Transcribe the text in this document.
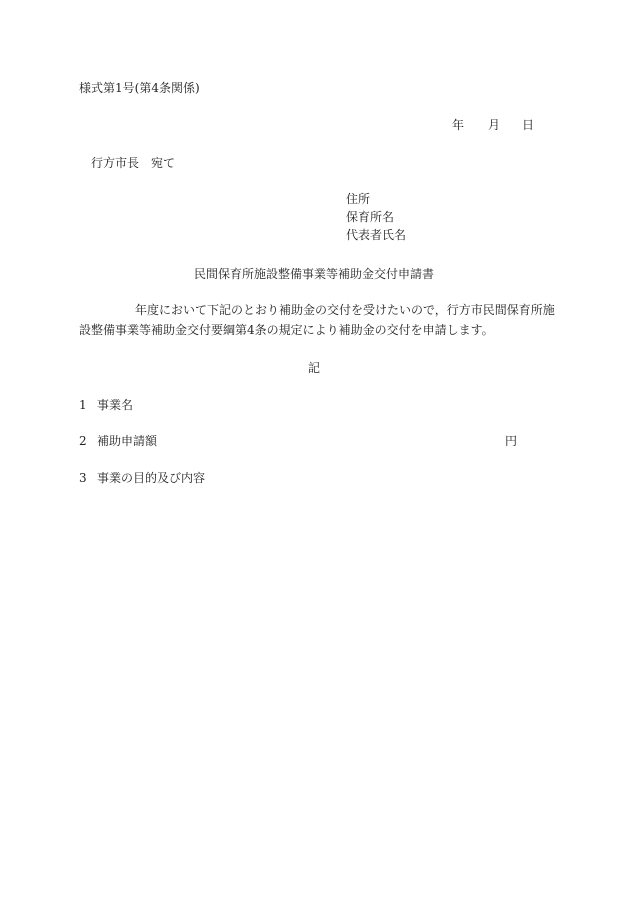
様式第1号(第4条関係)
年 月 日
行方市長　宛て
住所
保育所名
代表者氏名
民間保育所施設整備事業等補助金交付申請書
年度において下記のとおり補助金の交付を受けたいので，行方市民間保育所施
設整備事業等補助金交付要綱第4条の規定により補助金の交付を申請します。
記
1 事業名
2 補助申請額	円
3 事業の目的及び内容
